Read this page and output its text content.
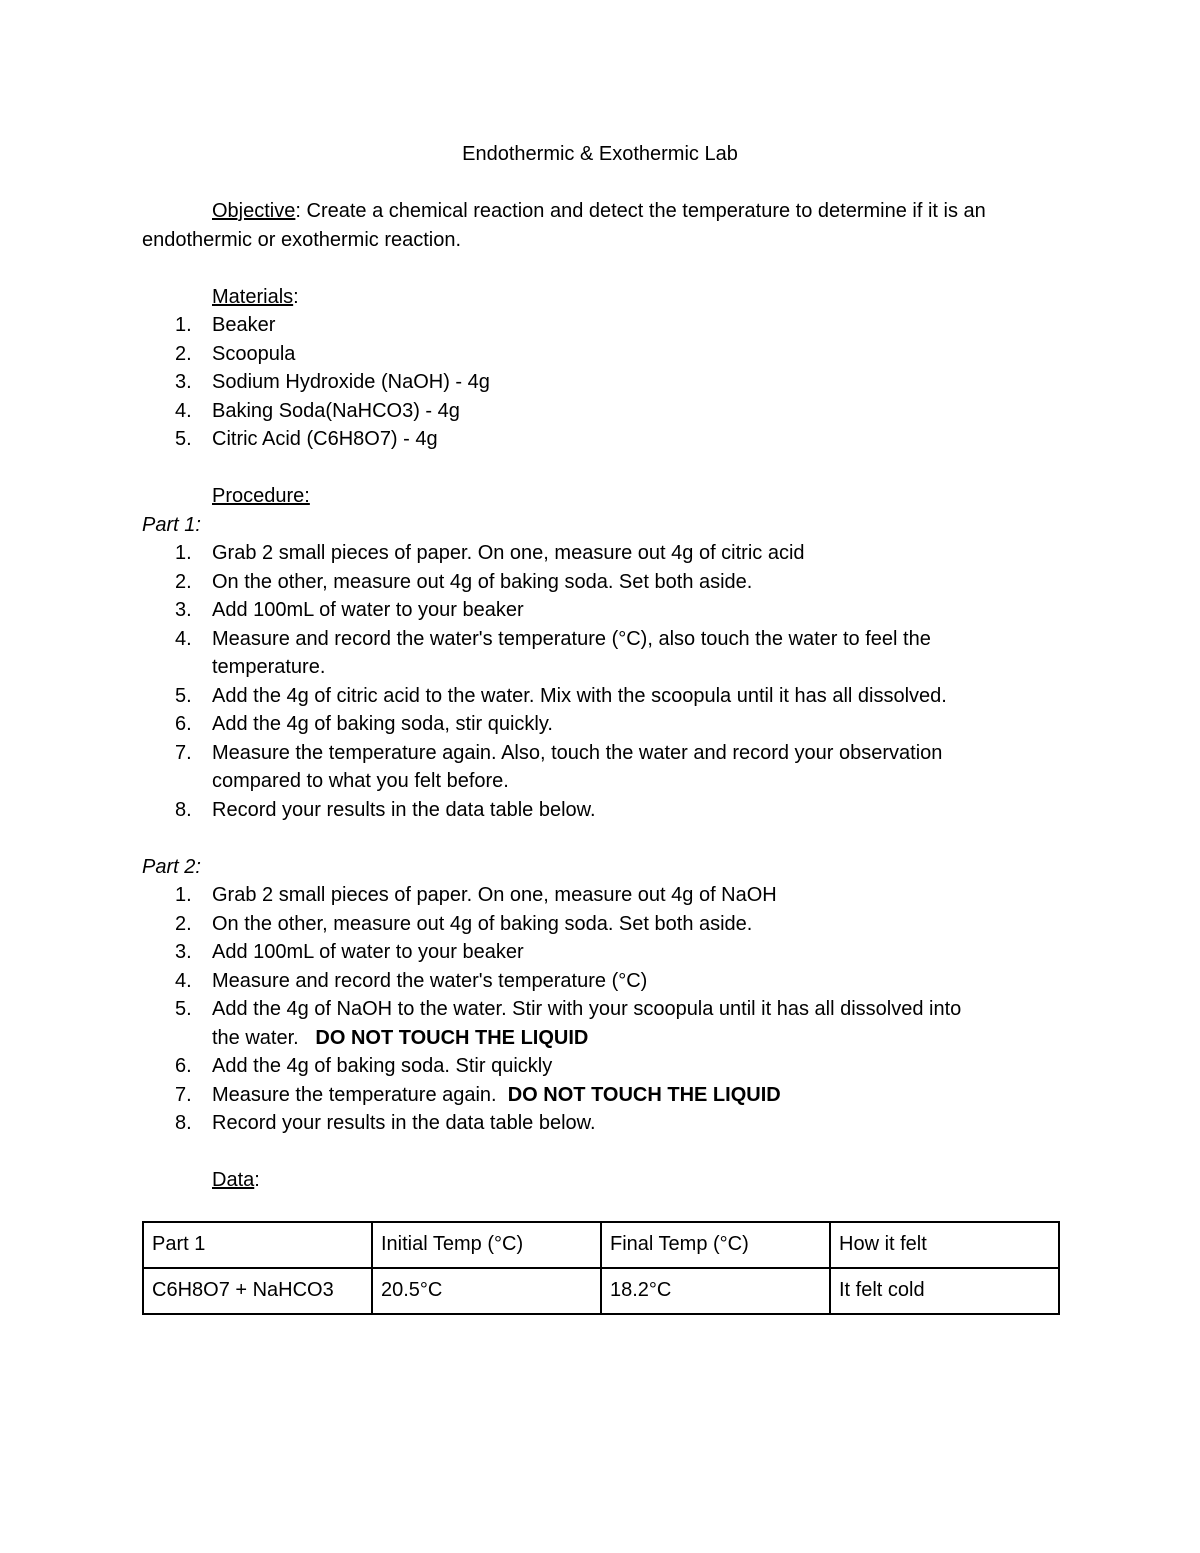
Endothermic & Exothermic Lab
Objective: Create a chemical reaction and detect the temperature to determine if it is an
endothermic or exothermic reaction.
Materials:
1. Beaker
2. Scoopula
3. Sodium Hydroxide (NaOH) - 4g
4. Baking Soda(NaHCO3) - 4g
5. Citric Acid (C6H8O7) - 4g
Procedure:
Part 1:
1. Grab 2 small pieces of paper. On one, measure out 4g of citric acid
2. On the other, measure out 4g of baking soda. Set both aside.
3. Add 100mL of water to your beaker
4. Measure and record the water's temperature (°C), also touch the water to feel the
temperature.
5. Add the 4g of citric acid to the water. Mix with the scoopula until it has all dissolved.
6. Add the 4g of baking soda, stir quickly.
7. Measure the temperature again. Also, touch the water and record your observation
compared to what you felt before.
8. Record your results in the data table below.
Part 2:
1. Grab 2 small pieces of paper. On one, measure out 4g of NaOH
2. On the other, measure out 4g of baking soda. Set both aside.
3. Add 100mL of water to your beaker
4. Measure and record the water's temperature (°C)
5. Add the 4g of NaOH to the water. Stir with your scoopula until it has all dissolved into
the water.   DO NOT TOUCH THE LIQUID
6. Add the 4g of baking soda. Stir quickly
7. Measure the temperature again.  DO NOT TOUCH THE LIQUID
8. Record your results in the data table below.
Data:
Part 1	Initial Temp (°C)	Final Temp (°C)	How it felt
C6H8O7 + NaHCO3	20.5°C	18.2°C	It felt cold
